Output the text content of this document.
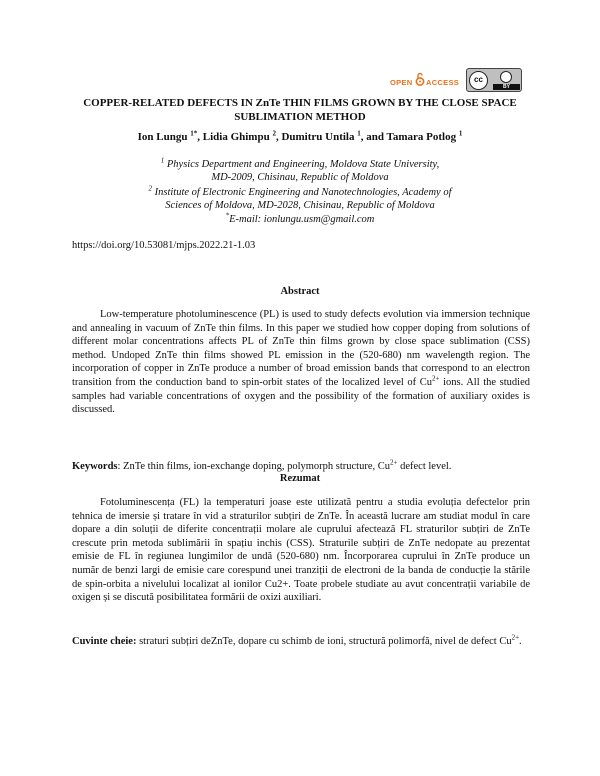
OPEN ACCESS	cc
BY
COPPER-RELATED DEFECTS IN ZnTe THIN FILMS GROWN BY THE CLOSE SPACE SUBLIMATION METHOD
Ion Lungu $^{1*}$, Lidia Ghimpu $^2$, Dumitru Untila $^1$, and Tamara Potlog $^1$
$^1$ Physics Department and Engineering, Moldova State University,
MD-2009, Chisinau, Republic of Moldova
$^2$ Institute of Electronic Engineering and Nanotechnologies, Academy of
Sciences of Moldova, MD-2028, Chisinau, Republic of Moldova
*E-mail: ionlungu.usm@gmail.com
https://doi.org/10.53081/mjps.2022.21-1.03
Abstract

Low-temperature photoluminescence (PL) is used to study defects evolution via immersion technique and annealing in vacuum of ZnTe thin films. In this paper we studied how copper doping from solutions of different molar concentrations affects PL of ZnTe thin films grown by close space sublimation (CSS) method. Undoped ZnTe thin films showed PL emission in the (520-680) nm wavelength region. The incorporation of copper in ZnTe produce a number of broad emission bands that correspond to an electron transition from the conduction band to spin-orbit states of the localized level of $Cu^{2+}$ ions. All the studied samples had variable concentrations of oxygen and the possibility of the formation of auxiliary oxides is discussed.

Keywords: ZnTe thin films, ion-exchange doping, polymorph structure, $Cu^{2+}$ defect level.
Rezumat

Fotoluminescența (FL) la temperaturi joase este utilizată pentru a studia evoluția defectelor prin tehnica de imersie și tratare în vid a straturilor subțiri de ZnTe. În această lucrare am studiat modul în care dopare a din soluții de diferite concentrații molare ale cuprului afectează FL straturilor subțiri de ZnTe crescute prin metoda sublimării în spațiu inchis (CSS). Straturile subțiri de ZnTe nedopate au prezentat emisie de FL în regiunea lungimilor de undă (520-680) nm. Încorporarea cuprului în ZnTe produce un număr de benzi largi de emisie care corespund unei tranziții de electroni de la banda de conducție la stările de spin-orbita a nivelului localizat al ionilor Cu2+. Toate probele studiate au avut concentrații variabile de oxigen și se discută posibilitatea formării de oxizi auxiliari.

Cuvinte cheie: straturi subțiri deZnTe, dopare cu schimb de ioni, structură polimorfă, nivel de defect $Cu^{2+}$.
